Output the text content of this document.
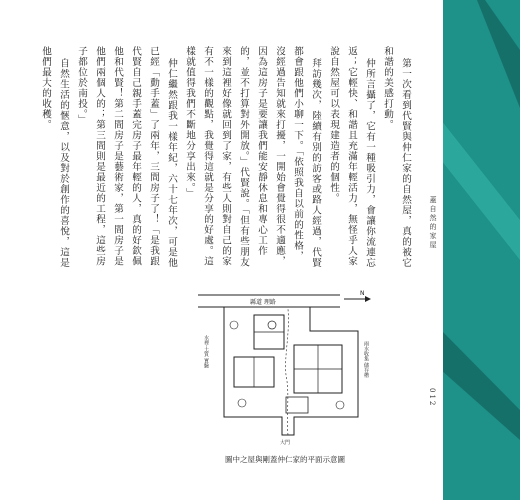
第一次看到代賢與仲仁家的自然屋，真的被它和諧的美感打動。

仲所言攝了，它有一種吸引力，會讓你流連忘返；它輕快、和諧且充滿年輕活力，無怪乎人家說自然屋可以表現建造者的個性。

拜訪幾次，陸續有別的訪客或路人經過，代賢都會跟他們小聊一下。「依照我自以前的性格，沒經過告知就來打擾，一開始會覺得很不適應，因為這房子是要讓我們能安靜休息和專心工作的，並不打算對外開放。」代賢說。「但有些朋友來到這裡好像就回到了家，有些人則對自己的家有不一樣的觀點，我覺得這就是分享的好處。這樣就值得我們不斷地分享出來。」

仲仁繼然跟我一樣年紀，六十七年次，可是他已經「動手蓋」了兩年，三間房子了！「是我跟代賢自己親手蓋完房子最年輕的人，真的好欽佩他和代賢！第二間房子是藝術家，第一間房子是他們兩個人的；第三間則是最近的工程，這些房子都位於南投。」

自然生活的愜意，以及對於創作的喜悅，這是他們最大的收穫。

蓋自然的家屋
012
縣道 理路
N
水裡·土質 實驗	雨水收集 儲存槽
大門
圖中之屋與剛蓋仲仁家的平面示意圖
